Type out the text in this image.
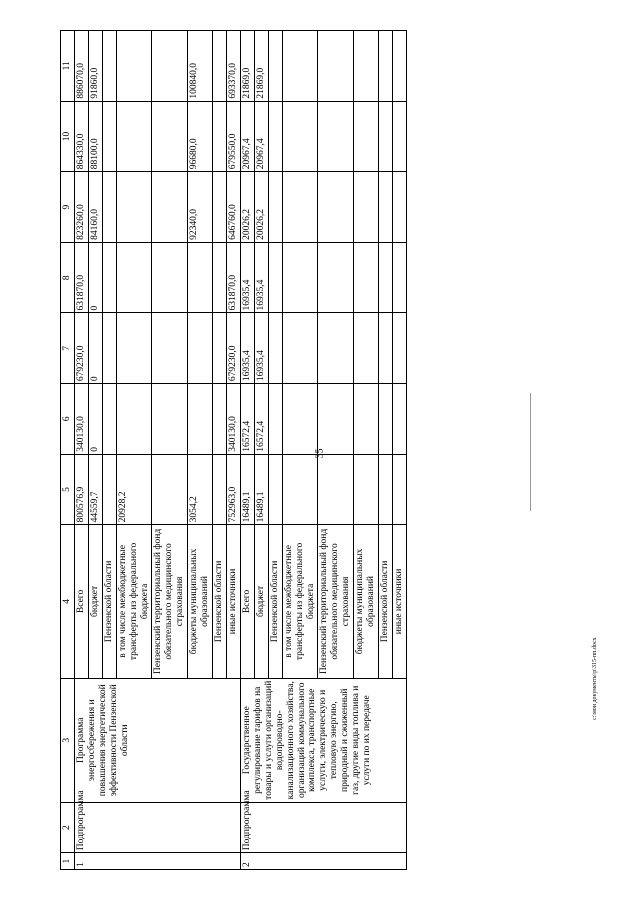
35
с:\мои документы\p\315-пп.docx
1	2	3	4	5	6	7	8	9	10	11
1	Подпрограмма	Программа энергосбережения и повышения энергетической эффективности Пензенской области	Всего	800576,9	340130,0	679230,0	631870,0	823260,0	864330,0	886070,0
			бюджет	44559,7	0	0	0	84160,0	88100,0	91860,0
			Пензенской области							
			в том числе межбюджетные трансферты из федерального бюджета	20928,2						
			Пензенский территориальный фонд обязательного медицинского страхования							
			бюджеты муниципальных образований	3054,2				92340,0	96680,0	100840,0
			Пензенской области							
			иные источники	752963,0	340130,0	679230,0	631870,0	646760,0	679550,0	693370,0
2	Подпрограмма	Государственное регулирование тарифов на товары и услуги организаций водопроводно-канализационного хозяйства, организаций коммунального комплекса, транспортные услуги, электрическую и тепловую энергию, природный и сжиженный газ, другие виды топлива и услуги по их передаче	Всего	16489,1	16572,4	16935,4	16935,4	20026,2	20967,4	21869,0
			бюджет	16489,1	16572,4	16935,4	16935,4	20026,2	20967,4	21869,0
			Пензенской области							
			в том числе межбюджетные трансферты из федерального бюджета							
			Пензенский территориальный фонд обязательного медицинского страхования							
			бюджеты муниципальных образований							
			Пензенской области							
			иные источники							
